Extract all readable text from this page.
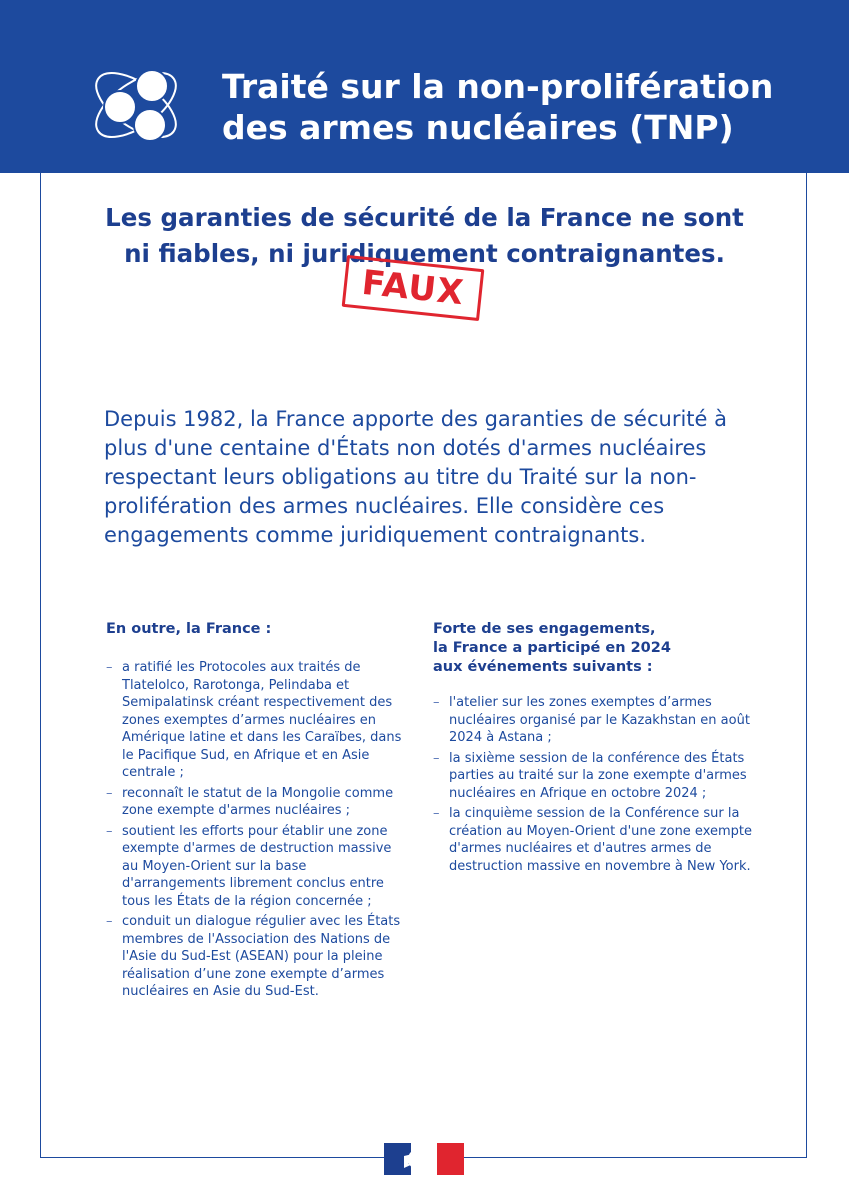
Traité sur la non-prolifération
des armes nucléaires (TNP)
Les garanties de sécurité de la France ne sont
ni fiables, ni juridiquement contraignantes.
FAUX

Depuis 1982, la France apporte des garanties de sécurité à plus d'une centaine d'États non dotés d'armes nucléaires respectant leurs obligations au titre du Traité sur la non-prolifération des armes nucléaires. Elle considère ces engagements comme juridiquement contraignants.

En outre, la France :
– a ratifié les Protocoles aux traités de Tlatelolco, Rarotonga, Pelindaba et Semipalatinsk créant respectivement des zones exemptes d’armes nucléaires en Amérique latine et dans les Caraïbes, dans le Pacifique Sud, en Afrique et en Asie centrale ;
– reconnaît le statut de la Mongolie comme zone exempte d'armes nucléaires ;
– soutient les efforts pour établir une zone exempte d'armes de destruction massive au Moyen-Orient sur la base d'arrangements librement conclus entre tous les États de la région concernée ;
– conduit un dialogue régulier avec les États membres de l'Association des Nations de l'Asie du Sud-Est (ASEAN) pour la pleine réalisation d’une zone exempte d’armes nucléaires en Asie du Sud-Est.
Forte de ses engagements,
la France a participé en 2024
aux événements suivants :
– l'atelier sur les zones exemptes d’armes nucléaires organisé par le Kazakhstan en août 2024 à Astana ;
– la sixième session de la conférence des États parties au traité sur la zone exempte d'armes nucléaires en Afrique en octobre 2024 ;
– la cinquième session de la Conférence sur la création au Moyen-Orient d'une zone exempte d'armes nucléaires et d'autres armes de destruction massive en novembre à New York.
